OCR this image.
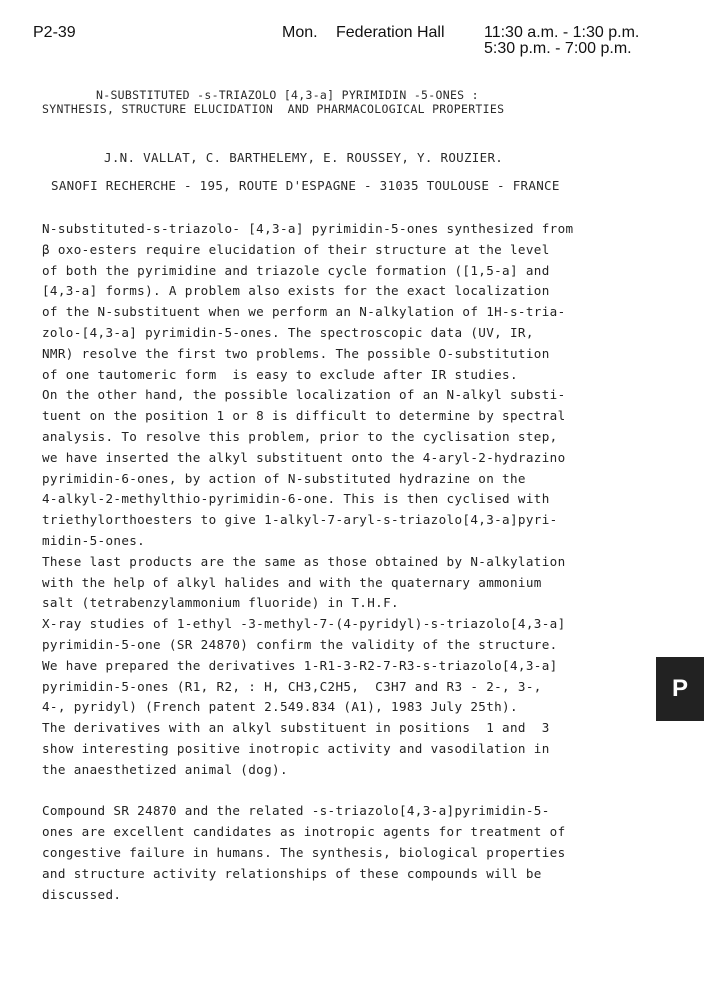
P2-39	Mon. Federation Hall 11:30 a.m. - 1:30 p.m.
5:30 p.m. - 7:00 p.m.
N-SUBSTITUTED -s-TRIAZOLO [4,3-a] PYRIMIDIN -5-ONES :
SYNTHESIS, STRUCTURE ELUCIDATION  AND PHARMACOLOGICAL PROPERTIES
J.N. VALLAT, C. BARTHELEMY, E. ROUSSEY, Y. ROUZIER.
SANOFI RECHERCHE - 195, ROUTE D'ESPAGNE - 31035 TOULOUSE - FRANCE
N-substituted-s-triazolo- [4,3-a] pyrimidin-5-ones synthesized from
β oxo-esters require elucidation of their structure at the level
of both the pyrimidine and triazole cycle formation ([1,5-a] and
[4,3-a] forms). A problem also exists for the exact localization
of the N-substituent when we perform an N-alkylation of 1H-s-tria-
zolo-[4,3-a] pyrimidin-5-ones. The spectroscopic data (UV, IR,
NMR) resolve the first two problems. The possible O-substitution
of one tautomeric form  is easy to exclude after IR studies.
On the other hand, the possible localization of an N-alkyl substi-
tuent on the position 1 or 8 is difficult to determine by spectral
analysis. To resolve this problem, prior to the cyclisation step,
we have inserted the alkyl substituent onto the 4-aryl-2-hydrazino
pyrimidin-6-ones, by action of N-substituted hydrazine on the
4-alkyl-2-methylthio-pyrimidin-6-one. This is then cyclised with
triethylorthoesters to give 1-alkyl-7-aryl-s-triazolo[4,3-a]pyri-
midin-5-ones.
These last products are the same as those obtained by N-alkylation
with the help of alkyl halides and with the quaternary ammonium
salt (tetrabenzylammonium fluoride) in T.H.F.
X-ray studies of 1-ethyl -3-methyl-7-(4-pyridyl)-s-triazolo[4,3-a]
pyrimidin-5-one (SR 24870) confirm the validity of the structure.
We have prepared the derivatives 1-R1-3-R2-7-R3-s-triazolo[4,3-a]
pyrimidin-5-ones (R1, R2, : H, CH3,C2H5,  C3H7 and R3 - 2-, 3-,
4-, pyridyl) (French patent 2.549.834 (A1), 1983 July 25th).
The derivatives with an alkyl substituent in positions  1 and  3
show interesting positive inotropic activity and vasodilation in
the anaesthetized animal (dog).
Compound SR 24870 and the related -s-triazolo[4,3-a]pyrimidin-5-
ones are excellent candidates as inotropic agents for treatment of
congestive failure in humans. The synthesis, biological properties
and structure activity relationships of these compounds will be
discussed.
P
